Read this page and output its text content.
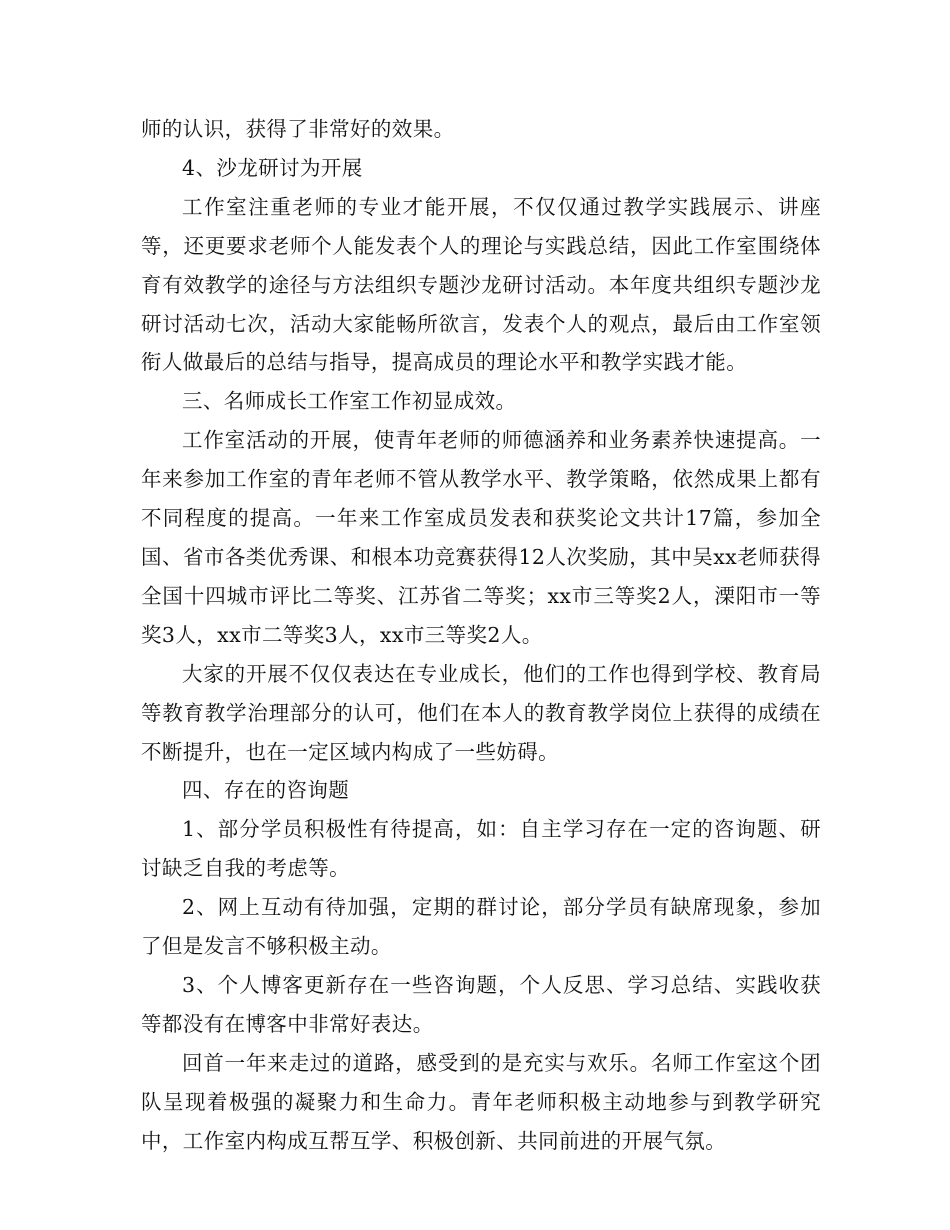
师的认识，获得了非常好的效果。

4、沙龙研讨为开展

工作室注重老师的专业才能开展，不仅仅通过教学实践展示、讲座等，还更要求老师个人能发表个人的理论与实践总结，因此工作室围绕体育有效教学的途径与方法组织专题沙龙研讨活动。本年度共组织专题沙龙研讨活动七次，活动大家能畅所欲言，发表个人的观点，最后由工作室领衔人做最后的总结与指导，提高成员的理论水平和教学实践才能。

三、名师成长工作室工作初显成效。

工作室活动的开展，使青年老师的师德涵养和业务素养快速提高。一年来参加工作室的青年老师不管从教学水平、教学策略，依然成果上都有不同程度的提高。一年来工作室成员发表和获奖论文共计17篇，参加全国、省市各类优秀课、和根本功竞赛获得12人次奖励，其中吴xx老师获得全国十四城市评比二等奖、江苏省二等奖；xx市三等奖2人，溧阳市一等奖3人，xx市二等奖3人，xx市三等奖2人。

大家的开展不仅仅表达在专业成长，他们的工作也得到学校、教育局等教育教学治理部分的认可，他们在本人的教育教学岗位上获得的成绩在不断提升，也在一定区域内构成了一些妨碍。

四、存在的咨询题

1、部分学员积极性有待提高，如：自主学习存在一定的咨询题、研讨缺乏自我的考虑等。

2、网上互动有待加强，定期的群讨论，部分学员有缺席现象，参加了但是发言不够积极主动。

3、个人博客更新存在一些咨询题，个人反思、学习总结、实践收获等都没有在博客中非常好表达。

回首一年来走过的道路，感受到的是充实与欢乐。名师工作室这个团队呈现着极强的凝聚力和生命力。青年老师积极主动地参与到教学研究中，工作室内构成互帮互学、积极创新、共同前进的开展气氛。
